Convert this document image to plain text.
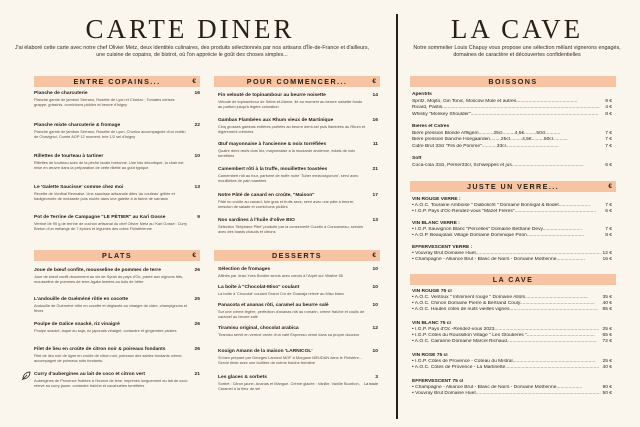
CARTE DINER
J'ai élaboré cette carte avec notre chef Olivier Metz, deux identités culinaires, des produits sélectionnés par nos artisans d'Île-de-France et d'ailleurs, une cuisine de copains, de bistrot, où l'on apprécie le goût des choses simples...
LA CAVE
Notre sommelier Louis Chapuy vous propose une sélection mêlant vignerons engagés, domaines de caractère et découvertes confidentielles
ENTRE COPAINS...	€
Planche de charcuterie	16
Planche garnie de jambon Serrano, Rosette de Lyon et Chorizo ; Tomates cerises grappe, grissinis, cornichons pickles et beurre d'Isigny
Planche mixte charcuterie & fromage	22
Planche garnie de jambon Serrano, Rosette de Lyon, Chorizo accompagnée d'un crottin de Chavignol, Comté AOP 12 moment, brie 1/2 sel d'Isigny
Rillettes de tourteau à tartiner	10
Rillettes de tourteau avec de la pêche locale bretonne. Une fois décortiqué, la chair est mise en œuvre dans la préparation de cette rillette au goût typique
Le 'Galette Saucisse' comme chez moi	13
Recette de Vonthai Rennaise. Une saucisse artisanale dites 'au couteau' grillée et badigeonnée de moutarde puis roulée dans une galette à la farine de sarrasin
Pot de Terrine de Campagne "LE PÈTIER" au Kari Gosse	9
Verrine de 90 g de terrine de cochon artisanal du chef Olivier Metz au 'Kari Gosse'. Curry Breton d'un mélange de 7 épices et légumes des cotes Finistérienne
PLATS	€
Joue de bœuf confite, mousseline de pommes de terre	26
Joue de bœuf confit doucement au vin de Syrah du pays d'Oc, parée aux oignons frits, mousseline de pommes de terre Agata fumées au bois de hêtre
L'andouille de Guéméné rôtie en cocotte	25
Andouille de Guéméné rôtie en cocotte et déglacée au vinaigre de cidre, champignons et fèves
Poulpe de Galice snacké, riz vinaigré	26
Poulpe snacké, laqué au soja, riz japonais vinaigré, coriandre et gingembre pickles
Filet de lieu en croûte de citron noir & poireaux fondants	26
Filet de lieu noir de ligne en croûte de citron noir, poireaux des sables fondants crème, accompagné de poireaux ruits fondants.
Curry d'aubergines au lait de coco et citron vert	21
Aubergines de Provence frottées à l'écorce de lime, imprimés longuement au lait de coco relevé au curry jaune, coriandre fraîche et cacahuètes torréfiées
POUR COMMENCER...	€
Fin velouté de topinambour au beurre noisette	14
Velouté de topinambour de Seine-et-Marne, lié au moment au beurre noisette fondu au parfum jusqu'à légère coloration
Gambas Flambées aux Rhum vieux de Martinique	16
Cinq grosses gambas entières poêlées au beurre demi-sel puis flambées au Rhum et légèrement crémées
Œuf mayonnaise à l'ancienne & noix torréfiées	11
Quatre demi œufs durs bio, mayonnaise à la moutarde ancienne, éclats de noix torréfiées
Camembert rôti à la truffe, mouillettes toastées	21
Camembert rôti au four, parfumé de truffe noire 'Tuber melanosporum', servi avec mouillettes de pain toastées
Notre Pâté de canard en croûte, "Maison"	17
Pâté en croûte au canard, foie gras et fruits secs, servi avec une pâte à beurre, mesclun de salade et cornichons pickles
Nos sardines à l'huile d'olive BIO	13
Sélection 'Stéphane Pitré' produite par la conserverie Courtin à Concarneau, servies avec des toasts chauds et citrons
DESSERTS	€
Sélection de fromages	10
Affinés par Jean-Yves Bordier servis avec cœurs à l'Arpèt sur Vitaline 55
La boîte à "Chocolat-Miso" coulant	10
La boîte à 'Chocolat' coulant Grand Cru de Guanaja relevé au Miso blanc
Panacota et ananas rôti, caramel au beurre salé	10
Sur une crème légère, perfection d'ananas rôti au romarin, crème fraîche et coulis de caramel au beurre salé
Tiramisu original, chocolat arabica	12
Tiramisu servit en verrine ornée d'un café Espresso versé dans sa propre douceur
Kouign Amann de la maison 'LARNICOL'	10
Si bien préparé par Georges Larnicol MOF à Morgane MEUDAN dans le Finistère... Servie tiède avec une boîtière de crème fraîche fermière
Les glaces & sorbets	3
Sorbet : Citron jaune, Ananas et Mangue. Crème glacée : Vanille, Vanille Bourbon, Caramel à la fleur de sel
La boule
BOISSONS
Apéritifs
Spritz, Mojito, Gin Tonic, Moscow Mule et autres.............................................	9 €
Ricard, Pastis.................................................................................................................... 4 €
Whisky "Monkey Shoulder".............................................................................................. 8 €
Bières et Cidres
Bière pression Blonde Affligem...........25cl.........4,5€.........50cl...........	7 €
Bière pression blanche Hoegaarden........25cl.........4,5€.........50cl...........	7 €
Cidre Brut 33cl "Fils de Pomme"...........33cl.......................................	7 €
Soft
Coca-cola 33cl, Perrier33cl, Schweppes et jus.....................................................	6 €
JUSTE UN VERRE...	€
VIN ROUGE VERRE :
• A.O.C. Touraine Amboise " Diabolicht " Domaine Bonnigal & Bodet.......................	7 €
• I.G.P. Pays d'Oc-Rendez-vous "Mazet Frères"............................................................ 6 €
VIN BLANC VERRE :
• I.G.P. Sauvignon Blanc "Percelles" Domaine Bethane Devy.............................	7 €
• A.O.P. Beaujolais Village Domaine Dominique Piron..........................................	8 €
EFFERVESCENT VERRE :
• Vouvray Brut Domaine Huet............................................................................................ 12 €
• Champagne - Alliance Brut - Blanc de Noirs - Domaine Mothenne.....................	16 €
LA CAVE
VIN ROUGE 75 cl
• A.O.C. Ventoux " Infiniment rouge " Domaine Alloïs..............................................	35 €
• A.O.C. Chinon Domaine Pierre & Bertrand Couly....................................................... 40 €
• A.O.C. Hautes côtes de nuits vieilles vignes................................................................. 85 €
VIN BLANC 75 cl
• I.G.P. Pays d'Oc -Rendez-vous 2023............................................................................. 25 €
• I.G.P. Côtes du Roussillon Village " Les Gloutières ".................................................. 65 €
• A.O.C. Cairanne Domaine Marcel Richaud.................................................................. 72 €
VIN ROSÉ 75 cl
• I.G.P. Côtes de Provence - Coteau du Mistral............................................................. 25 €
• A.O.C. Côtes de Provence - La Martinette..................................................................... 40 €
EFFERVESCENT 75 cl
• Champagne - Alliance Brut - Blanc de Noirs - Domaine Mothenne...................	90 €
• Vouvray Brut Domaine Huet............................................................................................ 50 €
